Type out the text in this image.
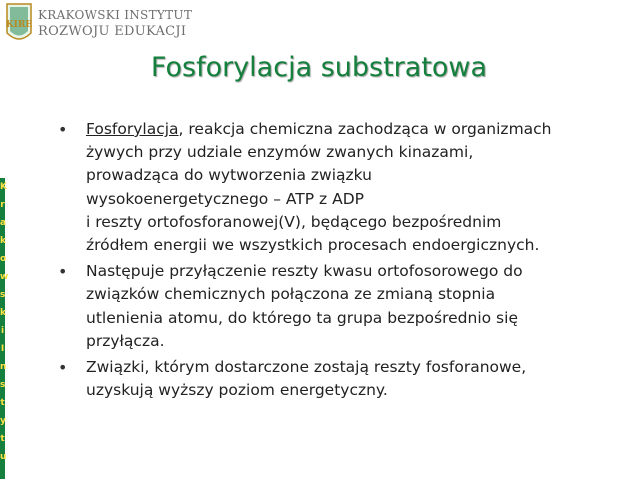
KIRE
KRAKOWSKI INSTYTUT
ROZWOJU EDUKACJI
K
r
a
k
o
w
s
k
i
I
n
s
t
y
t
u
Fosforylacja substratowa
• Fosforylacja, reakcja chemiczna zachodząca w organizmach
żywych przy udziale enzymów zwanych kinazami,
prowadząca do wytworzenia związku
wysokoenergetycznego – ATP z ADP
i reszty ortofosforanowej(V), będącego bezpośrednim
źródłem energii we wszystkich procesach endoergicznych.
• Następuje przyłączenie reszty kwasu ortofosorowego do
związków chemicznych połączona ze zmianą stopnia
utlenienia atomu, do którego ta grupa bezpośrednio się
przyłącza.
• Związki, którym dostarczone zostają reszty fosforanowe,
uzyskują wyższy poziom energetyczny.
